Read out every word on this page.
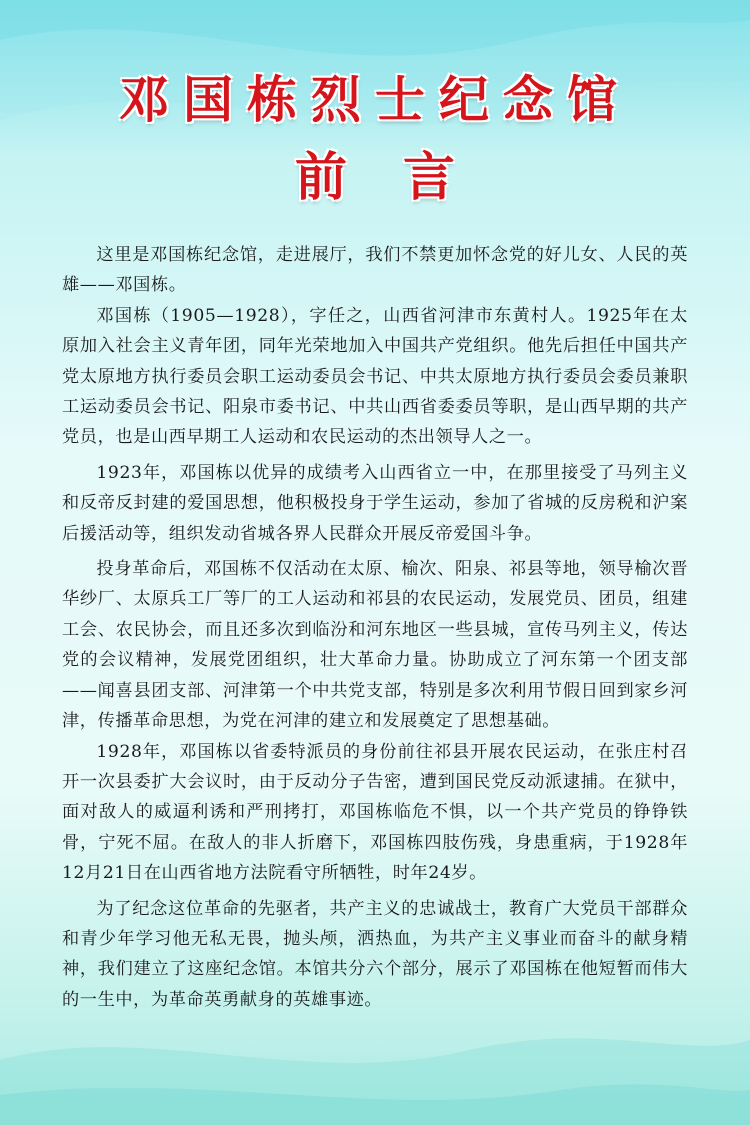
邓国栋烈士纪念馆
前言

这里是邓国栋纪念馆，走进展厅，我们不禁更加怀念党的好儿女、人民的英雄——邓国栋。

邓国栋（1905—1928），字任之，山西省河津市东黄村人。1925年在太原加入社会主义青年团，同年光荣地加入中国共产党组织。他先后担任中国共产党太原地方执行委员会职工运动委员会书记、中共太原地方执行委员会委员兼职工运动委员会书记、阳泉市委书记、中共山西省委委员等职，是山西早期的共产党员，也是山西早期工人运动和农民运动的杰出领导人之一。

1923年，邓国栋以优异的成绩考入山西省立一中，在那里接受了马列主义和反帝反封建的爱国思想，他积极投身于学生运动，参加了省城的反房税和沪案后援活动等，组织发动省城各界人民群众开展反帝爱国斗争。

投身革命后，邓国栋不仅活动在太原、榆次、阳泉、祁县等地，领导榆次晋华纱厂、太原兵工厂等厂的工人运动和祁县的农民运动，发展党员、团员，组建工会、农民协会，而且还多次到临汾和河东地区一些县城，宣传马列主义，传达党的会议精神，发展党团组织，壮大革命力量。协助成立了河东第一个团支部——闻喜县团支部、河津第一个中共党支部，特别是多次利用节假日回到家乡河津，传播革命思想，为党在河津的建立和发展奠定了思想基础。

1928年，邓国栋以省委特派员的身份前往祁县开展农民运动，在张庄村召开一次县委扩大会议时，由于反动分子告密，遭到国民党反动派逮捕。在狱中，面对敌人的威逼利诱和严刑拷打，邓国栋临危不惧，以一个共产党员的铮铮铁骨，宁死不屈。在敌人的非人折磨下，邓国栋四肢伤残，身患重病，于1928年12月21日在山西省地方法院看守所牺牲，时年24岁。

为了纪念这位革命的先驱者，共产主义的忠诚战士，教育广大党员干部群众和青少年学习他无私无畏，抛头颅，洒热血，为共产主义事业而奋斗的献身精神，我们建立了这座纪念馆。本馆共分六个部分，展示了邓国栋在他短暂而伟大的一生中，为革命英勇献身的英雄事迹。
